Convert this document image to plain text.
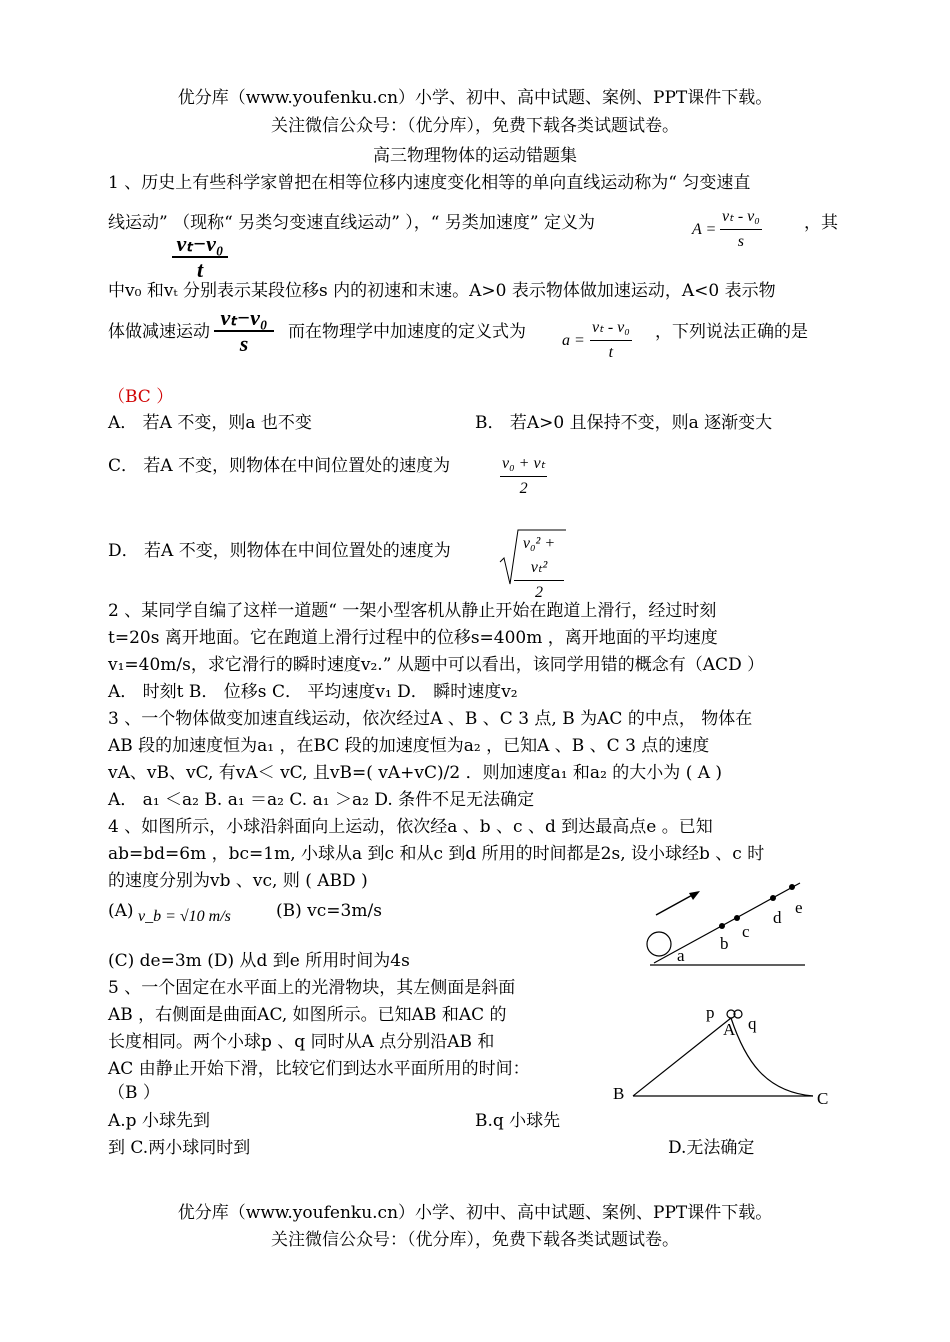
优分库（www.youfenku.cn）小学、初中、高中试题、案例、PPT课件下载。
关注微信公众号：（优分库），免费下载各类试题试卷。
高三物理物体的运动错题集
1 、历史上有些科学家曾把在相等位移内速度变化相等的单向直线运动称为“ 匀变速直
线运动” （现称“ 另类匀变速直线运动” ），“ 另类加速度” 定义为	A =
vₜ - v₀
s
，其
vₜ−v₀
t
中v₀ 和vₜ 分别表示某段位移s 内的初速和末速。A>0 表示物体做加速运动，A<0 表示物
体做减速运动
vₜ−v₀
s	而在物理学中加速度的定义式为 a =
vₜ - v₀
t
，下列说法正确的是
（BC ）
A． 若A 不变，则a 也不变	B． 若A>0 且保持不变，则a 逐渐变大
C． 若A 不变，则物体在中间位置处的速度为	$\frac{\text{v₀ + vₜ}}{2}$
D． 若A 不变，则物体在中间位置处的速度为	v₀² + vₜ²
2
2 、某同学自编了这样一道题“ 一架小型客机从静止开始在跑道上滑行，经过时刻
t=20s 离开地面。它在跑道上滑行过程中的位移s=400m ，离开地面的平均速度
v₁=40m/s，求它滑行的瞬时速度v₂.” 从题中可以看出，该同学用错的概念有（ACD ）
A． 时刻t B． 位移s C． 平均速度v₁ D． 瞬时速度v₂
3 、一个物体做变加速直线运动，依次经过A 、B 、C 3 点, B 为AC 的中点， 物体在
AB 段的加速度恒为a₁ ，在BC 段的加速度恒为a₂ ，已知A 、B 、C 3 点的速度
vA、vB、vC, 有vA＜ vC, 且vB=( vA+vC)/2 ．则加速度a₁ 和a₂ 的大小为 ( A )
A． a₁ ＜a₂ B. a₁ ＝a₂ C. a₁ ＞a₂ D. 条件不足无法确定
4 、如图所示，小球沿斜面向上运动，依次经a 、b 、c 、d 到达最高点e 。已知
ab=bd=6m ，bc=1m, 小球从a 到c 和从c 到d 所用的时间都是2s, 设小球经b 、c 时
的速度分别为vb 、vc, 则 ( ABD )
(A) v_b = √10 m/s	(B) vc=3m/s
(C) de=3m (D) 从d 到e 所用时间为4s	a
b
c
d
e
5 、一个固定在水平面上的光滑物块，其左侧面是斜面
AB ，右侧面是曲面AC, 如图所示。已知AB 和AC 的
长度相同。两个小球p 、q 同时从A 点分别沿AB 和
AC 由静止开始下滑，比较它们到达水平面所用的时间：
（B ）
A.p 小球先到	B.q 小球先
到 C.两小球同时到	D.无法确定
p
q
A
B	C
优分库（www.youfenku.cn）小学、初中、高中试题、案例、PPT课件下载。
关注微信公众号：（优分库），免费下载各类试题试卷。
